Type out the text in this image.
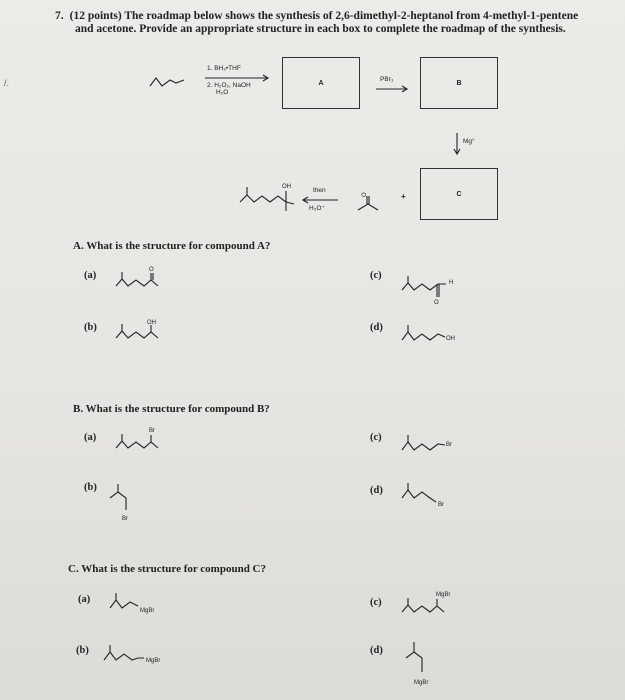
/.
7. (12 points) The roadmap below shows the synthesis of 2,6-dimethyl-2-heptanol from 4-methyl-1-pentene
and acetone. Provide an appropriate structure in each box to complete the roadmap of the synthesis.
1. BH₃•THF
2. H₂O₂, NaOH
H₂O
A	PBr₃	B
Mg°
C
+
O
then
H₃O⁺
OH
A. What is the structure for compound A?
(a)	O	(c)
H
O
(b)	OH	(d)
OH
B. What is the structure for compound B?
(a)
Br
(c)
Br
(b)
Br
(d)
Br
C. What is the structure for compound C?
(a)
MgBr
(c)
MgBr
(b)
MgBr
(d)
MgBr
